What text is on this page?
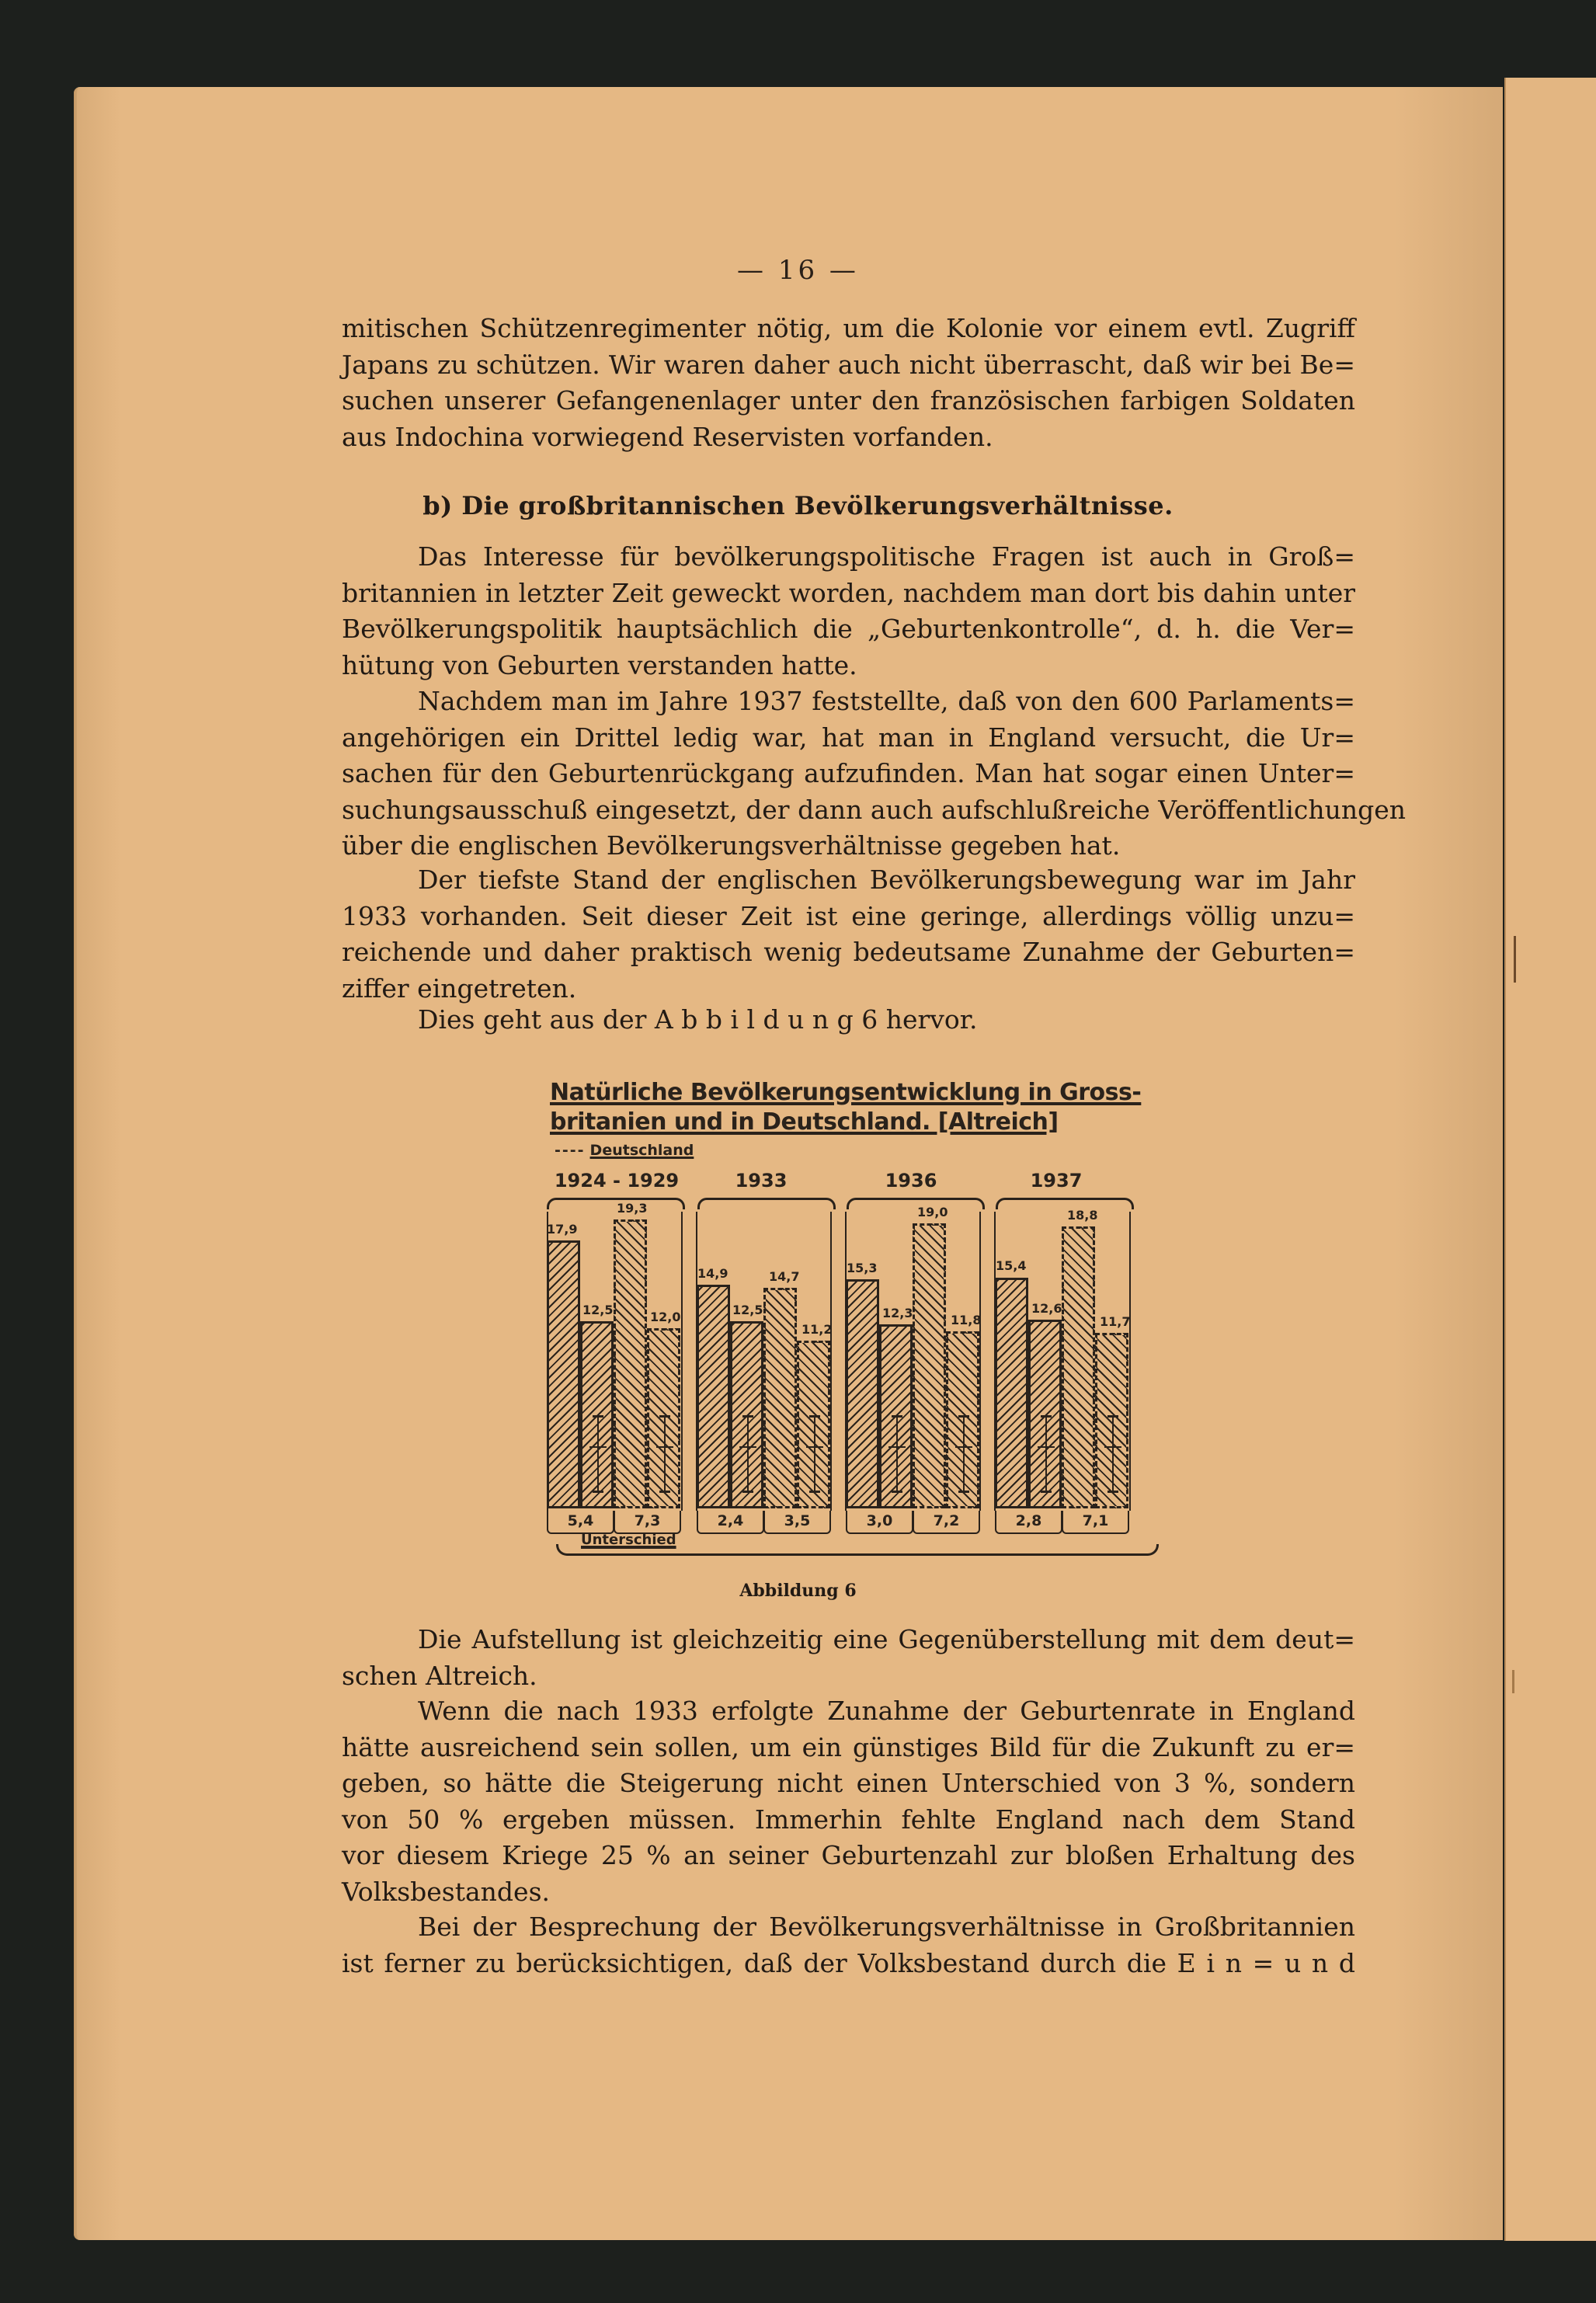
— 16 —
mitischen Schützenregimenter nötig, um die Kolonie vor einem evtl. Zugriff
Japans zu schützen. Wir waren daher auch nicht überrascht, daß wir bei Be=
suchen unserer Gefangenenlager unter den französischen farbigen Soldaten
aus Indochina vorwiegend Reservisten vorfanden.
b) Die großbritannischen Bevölkerungsverhältnisse.
Das Interesse für bevölkerungspolitische Fragen ist auch in Groß=
britannien in letzter Zeit geweckt worden, nachdem man dort bis dahin unter
Bevölkerungspolitik hauptsächlich die „Geburtenkontrolle“, d. h. die Ver=
hütung von Geburten verstanden hatte.
Nachdem man im Jahre 1937 feststellte, daß von den 600 Parlaments=
angehörigen ein Drittel ledig war, hat man in England versucht, die Ur=
sachen für den Geburtenrückgang aufzufinden. Man hat sogar einen Unter=
suchungsausschuß eingesetzt, der dann auch aufschlußreiche Veröffentlichungen
über die englischen Bevölkerungsverhältnisse gegeben hat.
Der tiefste Stand der englischen Bevölkerungsbewegung war im Jahr
1933 vorhanden. Seit dieser Zeit ist eine geringe, allerdings völlig unzu=
reichende und daher praktisch wenig bedeutsame Zunahme der Geburten=
ziffer eingetreten.
Dies geht aus der A b b i l d u n g 6 hervor.
Natürliche Bevölkerungsentwicklung in Gross-
britanien und in Deutschland. [Altreich]
---- Deutschland
1924 - 1929	1933	1936	1937
17,9
12,5
19,3
12,0
14,9
12,5
14,7
11,2
15,3
12,3
19,0
11,8
15,4
12,6
18,8
11,7
5,4	7,3	2,4	3,5	3,0	7,2	2,8	7,1
Unterschied
Abbildung 6
Die Aufstellung ist gleichzeitig eine Gegenüberstellung mit dem deut=
schen Altreich.
Wenn die nach 1933 erfolgte Zunahme der Geburtenrate in England
hätte ausreichend sein sollen, um ein günstiges Bild für die Zukunft zu er=
geben, so hätte die Steigerung nicht einen Unterschied von 3 %, sondern
von 50 % ergeben müssen. Immerhin fehlte England nach dem Stand
vor diesem Kriege 25 % an seiner Geburtenzahl zur bloßen Erhaltung des
Volksbestandes.
Bei der Besprechung der Bevölkerungsverhältnisse in Großbritannien
ist ferner zu berücksichtigen, daß der Volksbestand durch die E i n = u n d
